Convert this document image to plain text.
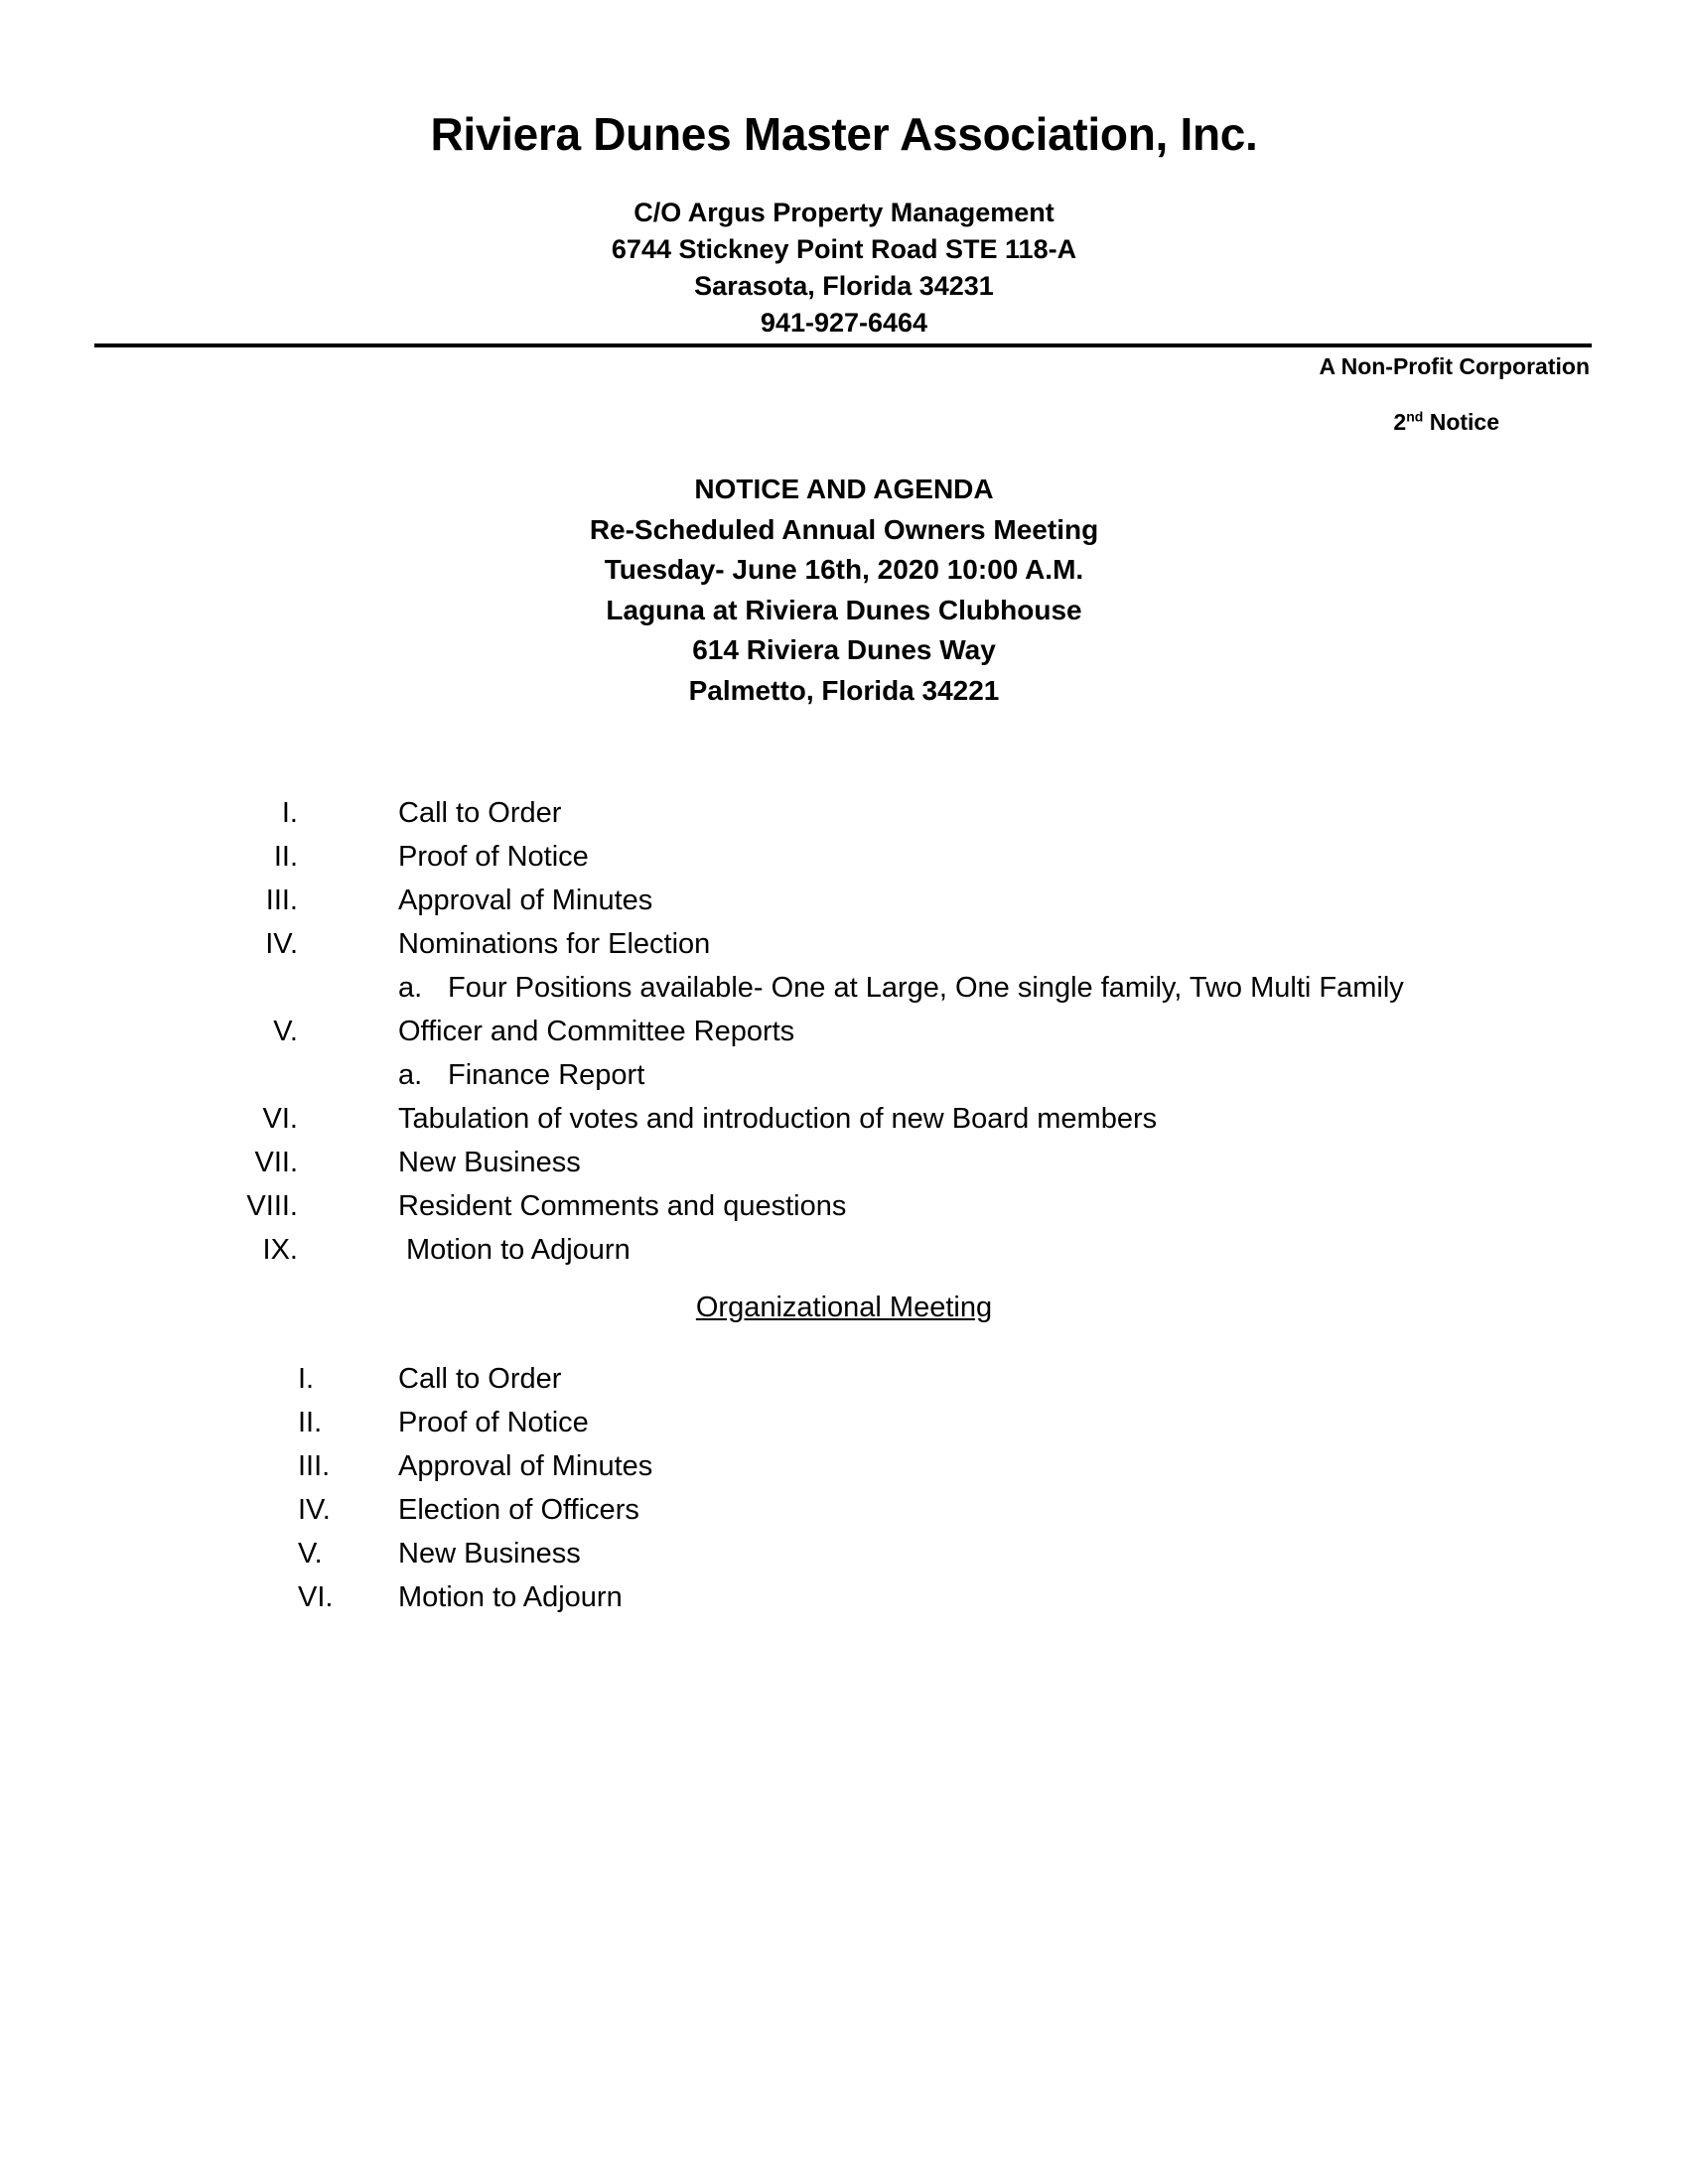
Riviera Dunes Master Association, Inc.
C/O Argus Property Management
6744 Stickney Point Road STE 118-A
Sarasota, Florida 34231
941-927-6464
A Non-Profit Corporation
2nd Notice
NOTICE AND AGENDA
Re-Scheduled Annual Owners Meeting
Tuesday- June 16th, 2020 10:00 A.M.
Laguna at Riviera Dunes Clubhouse
614 Riviera Dunes Way
Palmetto, Florida 34221
I.	Call to Order
II.	Proof of Notice
III.	Approval of Minutes
IV.	Nominations for Election
a. Four Positions available- One at Large, One single family, Two Multi Family
V.	Officer and Committee Reports
a. Finance Report
VI.	Tabulation of votes and introduction of new Board members
VII.	New Business
VIII.	Resident Comments and questions
IX.	Motion to Adjourn
Organizational Meeting
I.	Call to Order
II.	Proof of Notice
III. Approval of Minutes
IV. Election of Officers
V.	New Business
VI. Motion to Adjourn
